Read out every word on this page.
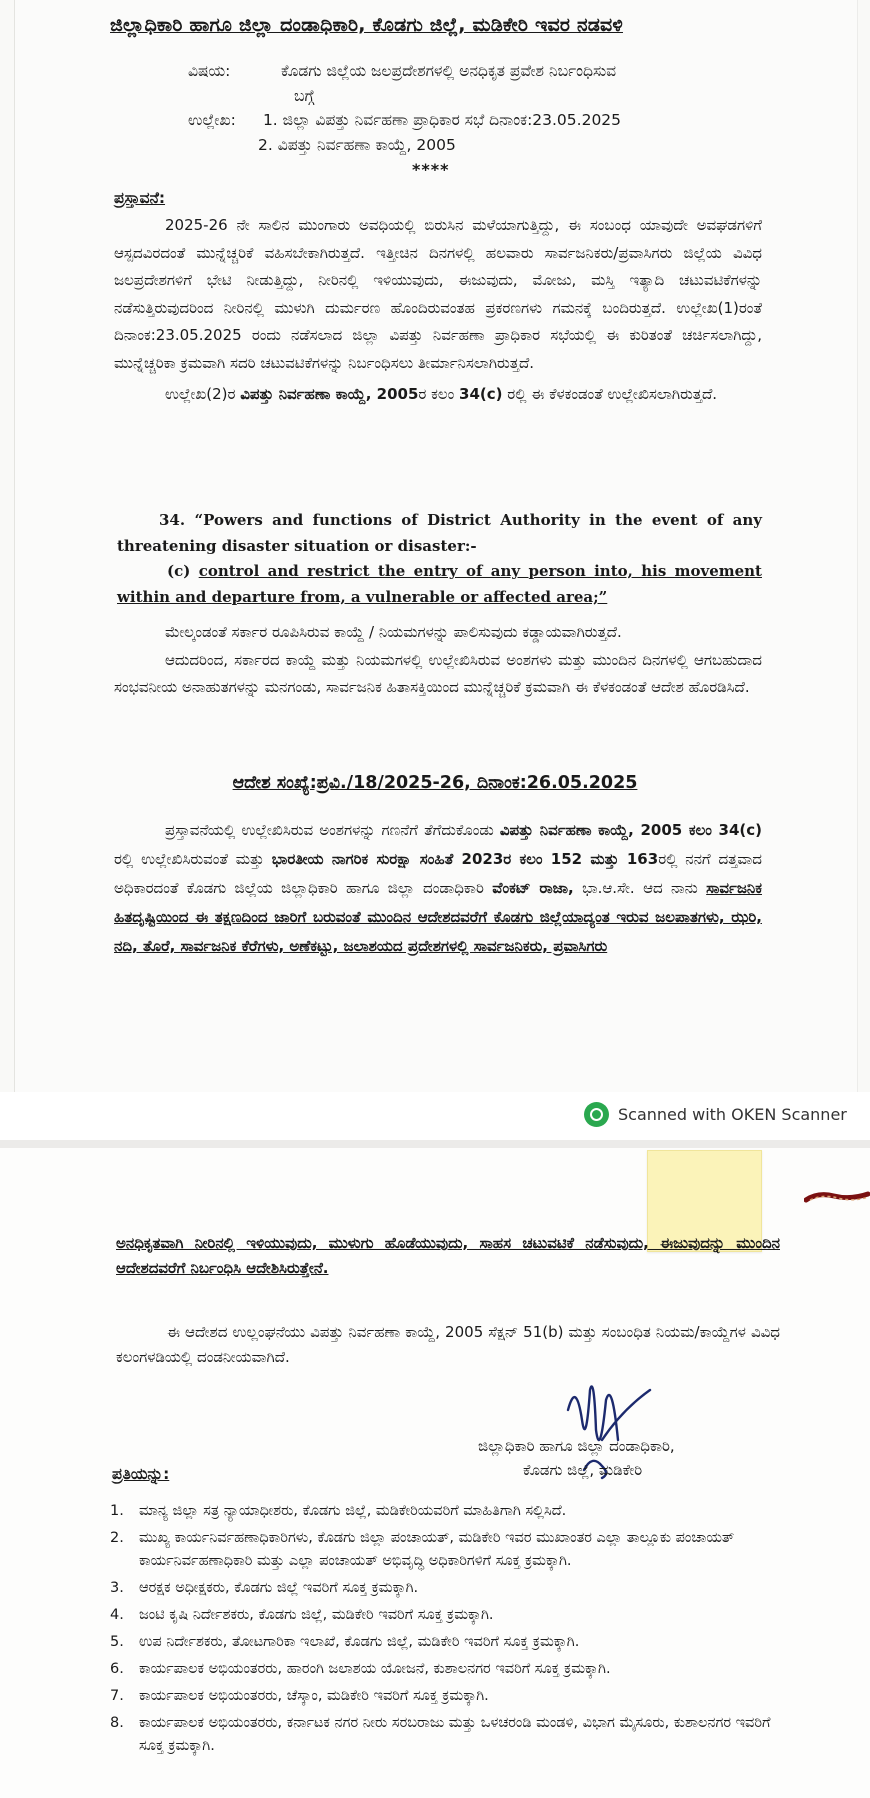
ಜಿಲ್ಲಾಧಿಕಾರಿ ಹಾಗೂ ಜಿಲ್ಲಾ ದಂಡಾಧಿಕಾರಿ, ಕೊಡಗು ಜಿಲ್ಲೆ, ಮಡಿಕೇರಿ ಇವರ ನಡವಳಿ
ವಿಷಯ:	ಕೊಡಗು ಜಿಲ್ಲೆಯ ಜಲಪ್ರದೇಶಗಳಲ್ಲಿ ಅನಧಿಕೃತ ಪ್ರವೇಶ ನಿರ್ಬಂಧಿಸುವ
ಬಗ್ಗೆ
ಉಲ್ಲೇಖ: 1. ಜಿಲ್ಲಾ ವಿಪತ್ತು ನಿರ್ವಹಣಾ ಪ್ರಾಧಿಕಾರ ಸಭೆ ದಿನಾಂಕ:23.05.2025
2. ವಿಪತ್ತು ನಿರ್ವಹಣಾ ಕಾಯ್ದೆ, 2005
****
ಪ್ರಸ್ತಾವನೆ:

2025-26 ನೇ ಸಾಲಿನ ಮುಂಗಾರು ಅವಧಿಯಲ್ಲಿ ಬಿರುಸಿನ ಮಳೆಯಾಗುತ್ತಿದ್ದು, ಈ ಸಂಬಂಧ ಯಾವುದೇ ಅವಘಡಗಳಿಗೆ ಆಸ್ಪದವಿರದಂತೆ ಮುನ್ನೆಚ್ಚರಿಕೆ ವಹಿಸಬೇಕಾಗಿರುತ್ತದೆ. ಇತ್ತೀಚಿನ ದಿನಗಳಲ್ಲಿ ಹಲವಾರು ಸಾರ್ವಜನಿಕರು/ಪ್ರವಾಸಿಗರು ಜಿಲ್ಲೆಯ ವಿವಿಧ ಜಲಪ್ರದೇಶಗಳಿಗೆ ಭೇಟಿ ನೀಡುತ್ತಿದ್ದು, ನೀರಿನಲ್ಲಿ ಇಳಿಯುವುದು, ಈಜುವುದು, ಮೋಜು, ಮಸ್ತಿ ಇತ್ಯಾದಿ ಚಟುವಟಿಕೆಗಳನ್ನು ನಡೆಸುತ್ತಿರುವುದರಿಂದ ನೀರಿನಲ್ಲಿ ಮುಳುಗಿ ದುರ್ಮರಣ ಹೊಂದಿರುವಂತಹ ಪ್ರಕರಣಗಳು ಗಮನಕ್ಕೆ ಬಂದಿರುತ್ತದೆ. ಉಲ್ಲೇಖ(1)ರಂತೆ ದಿನಾಂಕ:23.05.2025 ರಂದು ನಡೆಸಲಾದ ಜಿಲ್ಲಾ ವಿಪತ್ತು ನಿರ್ವಹಣಾ ಪ್ರಾಧಿಕಾರ ಸಭೆಯಲ್ಲಿ ಈ ಕುರಿತಂತೆ ಚರ್ಚಿಸಲಾಗಿದ್ದು, ಮುನ್ನೆಚ್ಚರಿಕಾ ಕ್ರಮವಾಗಿ ಸದರಿ ಚಟುವಟಿಕೆಗಳನ್ನು ನಿರ್ಬಂಧಿಸಲು ತೀರ್ಮಾನಿಸಲಾಗಿರುತ್ತದೆ.

ಉಲ್ಲೇಖ(2)ರ ವಿಪತ್ತು ನಿರ್ವಹಣಾ ಕಾಯ್ದೆ, 2005ರ ಕಲಂ 34(c) ರಲ್ಲಿ ಈ ಕೆಳಕಂಡಂತೆ ಉಲ್ಲೇಖಿಸಲಾಗಿರುತ್ತದೆ.

34. “Powers and functions of District Authority in the event of any threatening disaster situation or disaster:-

(c) control and restrict the entry of any person into, his movement within and departure from, a vulnerable or affected area;”

ಮೇಲ್ಕಂಡಂತೆ ಸರ್ಕಾರ ರೂಪಿಸಿರುವ ಕಾಯ್ದೆ / ನಿಯಮಗಳನ್ನು ಪಾಲಿಸುವುದು ಕಡ್ಡಾಯವಾಗಿರುತ್ತದೆ.

ಆದುದರಿಂದ, ಸರ್ಕಾರದ ಕಾಯ್ದೆ ಮತ್ತು ನಿಯಮಗಳಲ್ಲಿ ಉಲ್ಲೇಖಿಸಿರುವ ಅಂಶಗಳು ಮತ್ತು ಮುಂದಿನ ದಿನಗಳಲ್ಲಿ ಆಗಬಹುದಾದ ಸಂಭವನೀಯ ಅನಾಹುತಗಳನ್ನು ಮನಗಂಡು, ಸಾರ್ವಜನಿಕ ಹಿತಾಸಕ್ತಿಯಿಂದ ಮುನ್ನೆಚ್ಚರಿಕೆ ಕ್ರಮವಾಗಿ ಈ ಕೆಳಕಂಡಂತೆ ಆದೇಶ ಹೊರಡಿಸಿದೆ.

ಆದೇಶ ಸಂಖ್ಯೆ:ಪ್ರವಿ./18/2025-26, ದಿನಾಂಕ:26.05.2025

ಪ್ರಸ್ತಾವನೆಯಲ್ಲಿ ಉಲ್ಲೇಖಿಸಿರುವ ಅಂಶಗಳನ್ನು ಗಣನೆಗೆ ತೆಗೆದುಕೊಂಡು ವಿಪತ್ತು ನಿರ್ವಹಣಾ ಕಾಯ್ದೆ, 2005 ಕಲಂ 34(c) ರಲ್ಲಿ ಉಲ್ಲೇಖಿಸಿರುವಂತೆ ಮತ್ತು ಭಾರತೀಯ ನಾಗರಿಕ ಸುರಕ್ಷಾ ಸಂಹಿತೆ 2023ರ ಕಲಂ 152 ಮತ್ತು 163ರಲ್ಲಿ ನನಗೆ ದತ್ತವಾದ ಅಧಿಕಾರದಂತೆ ಕೊಡಗು ಜಿಲ್ಲೆಯ ಜಿಲ್ಲಾಧಿಕಾರಿ ಹಾಗೂ ಜಿಲ್ಲಾ ದಂಡಾಧಿಕಾರಿ ವೆಂಕಟ್ ರಾಜಾ, ಭಾ.ಆ.ಸೇ. ಆದ ನಾನು ಸಾರ್ವಜನಿಕ ಹಿತದೃಷ್ಟಿಯಿಂದ ಈ ತಕ್ಷಣದಿಂದ ಜಾರಿಗೆ ಬರುವಂತೆ ಮುಂದಿನ ಆದೇಶದವರೆಗೆ ಕೊಡಗು ಜಿಲ್ಲೆಯಾದ್ಯಂತ ಇರುವ ಜಲಪಾತಗಳು, ಝರಿ, ನದಿ, ತೊರೆ, ಸಾರ್ವಜನಿಕ ಕೆರೆಗಳು, ಅಣೆಕಟ್ಟು, ಜಲಾಶಯದ ಪ್ರದೇಶಗಳಲ್ಲಿ ಸಾರ್ವಜನಿಕರು, ಪ್ರವಾಸಿಗರು

Scanned with OKEN Scanner
ಅನಧಿಕೃತವಾಗಿ ನೀರಿನಲ್ಲಿ ಇಳಿಯುವುದು, ಮುಳುಗು ಹೊಡೆಯುವುದು, ಸಾಹಸ ಚಟುವಟಿಕೆ ನಡೆಸುವುದು, ಈಜುವುದನ್ನು ಮುಂದಿನ ಆದೇಶದವರೆಗೆ ನಿರ್ಬಂಧಿಸಿ ಆದೇಶಿಸಿರುತ್ತೇನೆ.

ಈ ಆದೇಶದ ಉಲ್ಲಂಘನೆಯು ವಿಪತ್ತು ನಿರ್ವಹಣಾ ಕಾಯ್ದೆ, 2005 ಸೆಕ್ಷನ್ 51(b) ಮತ್ತು ಸಂಬಂಧಿತ ನಿಯಮ/ಕಾಯ್ದೆಗಳ ವಿವಿಧ ಕಲಂಗಳಡಿಯಲ್ಲಿ ದಂಡನೀಯವಾಗಿದೆ.

ಜಿಲ್ಲಾಧಿಕಾರಿ ಹಾಗೂ ಜಿಲ್ಲಾ ದಂಡಾಧಿಕಾರಿ,
ಕೊಡಗು ಜಿಲ್ಲೆ, ಮಡಿಕೇರಿ
ಪ್ರತಿಯನ್ನು:
1. ಮಾನ್ಯ ಜಿಲ್ಲಾ ಸತ್ರ ನ್ಯಾಯಾಧೀಶರು, ಕೊಡಗು ಜಿಲ್ಲೆ, ಮಡಿಕೇರಿಯವರಿಗೆ ಮಾಹಿತಿಗಾಗಿ ಸಲ್ಲಿಸಿದೆ.
2. ಮುಖ್ಯ ಕಾರ್ಯನಿರ್ವಹಣಾಧಿಕಾರಿಗಳು, ಕೊಡಗು ಜಿಲ್ಲಾ ಪಂಚಾಯತ್, ಮಡಿಕೇರಿ ಇವರ ಮುಖಾಂತರ ಎಲ್ಲಾ ತಾಲ್ಲೂಕು ಪಂಚಾಯತ್ ಕಾರ್ಯನಿರ್ವಹಣಾಧಿಕಾರಿ ಮತ್ತು ಎಲ್ಲಾ ಪಂಚಾಯತ್ ಅಭಿವೃದ್ಧಿ ಅಧಿಕಾರಿಗಳಿಗೆ ಸೂಕ್ತ ಕ್ರಮಕ್ಕಾಗಿ.
3. ಆರಕ್ಷಕ ಅಧೀಕ್ಷಕರು, ಕೊಡಗು ಜಿಲ್ಲೆ ಇವರಿಗೆ ಸೂಕ್ತ ಕ್ರಮಕ್ಕಾಗಿ.
4. ಜಂಟಿ ಕೃಷಿ ನಿರ್ದೇಶಕರು, ಕೊಡಗು ಜಿಲ್ಲೆ, ಮಡಿಕೇರಿ ಇವರಿಗೆ ಸೂಕ್ತ ಕ್ರಮಕ್ಕಾಗಿ.
5. ಉಪ ನಿರ್ದೇಶಕರು, ತೋಟಗಾರಿಕಾ ಇಲಾಖೆ, ಕೊಡಗು ಜಿಲ್ಲೆ, ಮಡಿಕೇರಿ ಇವರಿಗೆ ಸೂಕ್ತ ಕ್ರಮಕ್ಕಾಗಿ.
6. ಕಾರ್ಯಪಾಲಕ ಅಭಿಯಂತರರು, ಹಾರಂಗಿ ಜಲಾಶಯ ಯೋಜನೆ, ಕುಶಾಲನಗರ ಇವರಿಗೆ ಸೂಕ್ತ ಕ್ರಮಕ್ಕಾಗಿ.
7. ಕಾರ್ಯಪಾಲಕ ಅಭಿಯಂತರರು, ಚೆಸ್ಕಾಂ, ಮಡಿಕೇರಿ ಇವರಿಗೆ ಸೂಕ್ತ ಕ್ರಮಕ್ಕಾಗಿ.
8. ಕಾರ್ಯಪಾಲಕ ಅಭಿಯಂತರರು, ಕರ್ನಾಟಕ ನಗರ ನೀರು ಸರಬರಾಜು ಮತ್ತು ಒಳಚರಂಡಿ ಮಂಡಳಿ, ವಿಭಾಗ ಮೈಸೂರು, ಕುಶಾಲನಗರ ಇವರಿಗೆ ಸೂಕ್ತ ಕ್ರಮಕ್ಕಾಗಿ.
